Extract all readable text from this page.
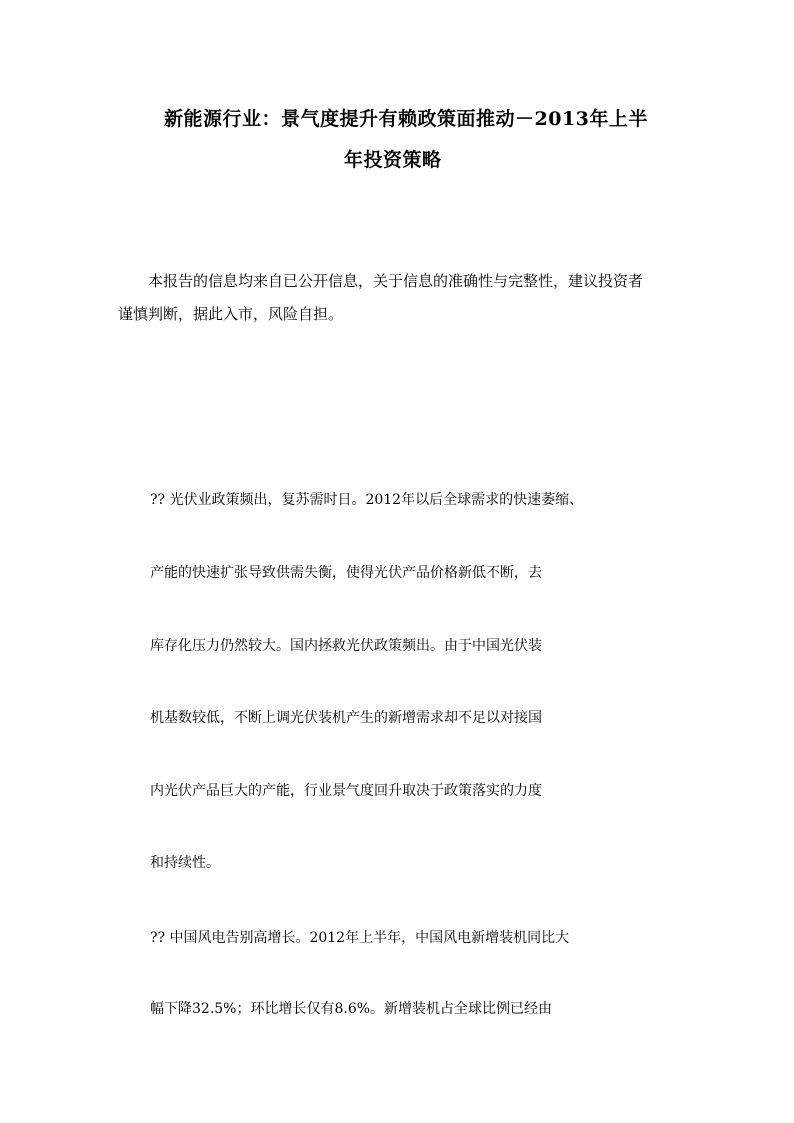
新能源行业：景气度提升有赖政策面推动－2013年上半
年投资策略
本报告的信息均来自已公开信息，关于信息的准确性与完整性，建议投资者
谨慎判断，据此入市，风险自担。
?? 光伏业政策频出，复苏需时日。2012年以后全球需求的快速萎缩、
产能的快速扩张导致供需失衡，使得光伏产品价格新低不断，去
库存化压力仍然较大。国内拯救光伏政策频出。由于中国光伏装
机基数较低，不断上调光伏装机产生的新增需求却不足以对接国
内光伏产品巨大的产能，行业景气度回升取决于政策落实的力度
和持续性。
?? 中国风电告别高增长。2012年上半年，中国风电新增装机同比大
幅下降32.5%；环比增长仅有8.6%。新增装机占全球比例已经由
